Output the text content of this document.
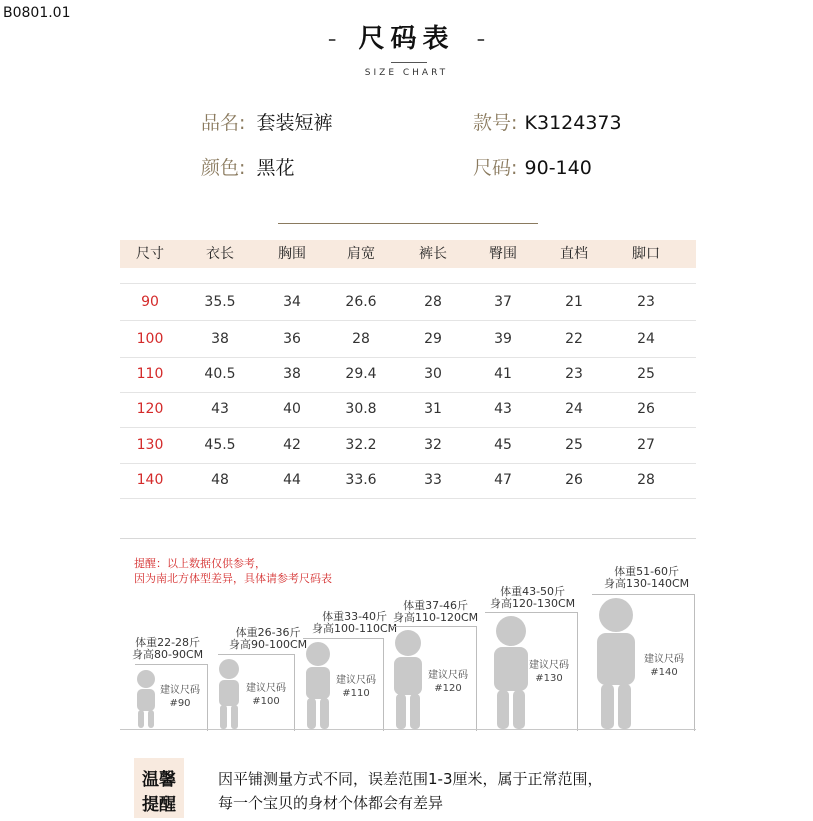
B0801.01
- 尺码表 -
SIZE CHART
品名: 套装短裤	款号: K3124373
颜色: 黑花	尺码: 90-140
尺寸	衣长	胸围	肩宽	裤长	臀围	直档	脚口
90	35.5	34	26.6	28	37	21	23
100	38	36	28	29	39	22	24
110	40.5	38	29.4	30	41	23	25
120	43	40	30.8	31	43	24	26
130	45.5	42	32.2	32	45	25	27
140	48	44	33.6	33	47	26	28
提醒：以上数据仅供参考，
因为南北方体型差异，具体请参考尺码表
体重22-28斤
身高80-90CM
建议尺码
#90
体重26-36斤
身高90-100CM
建议尺码
#100
体重33-40斤
身高100-110CM
建议尺码
#110
体重37-46斤
身高110-120CM
建议尺码
#120
体重43-50斤
身高120-130CM
建议尺码
#130
体重51-60斤
身高130-140CM
建议尺码
#140
温馨
提醒
因平铺测量方式不同，误差范围1-3厘米，属于正常范围，
每一个宝贝的身材个体都会有差异
